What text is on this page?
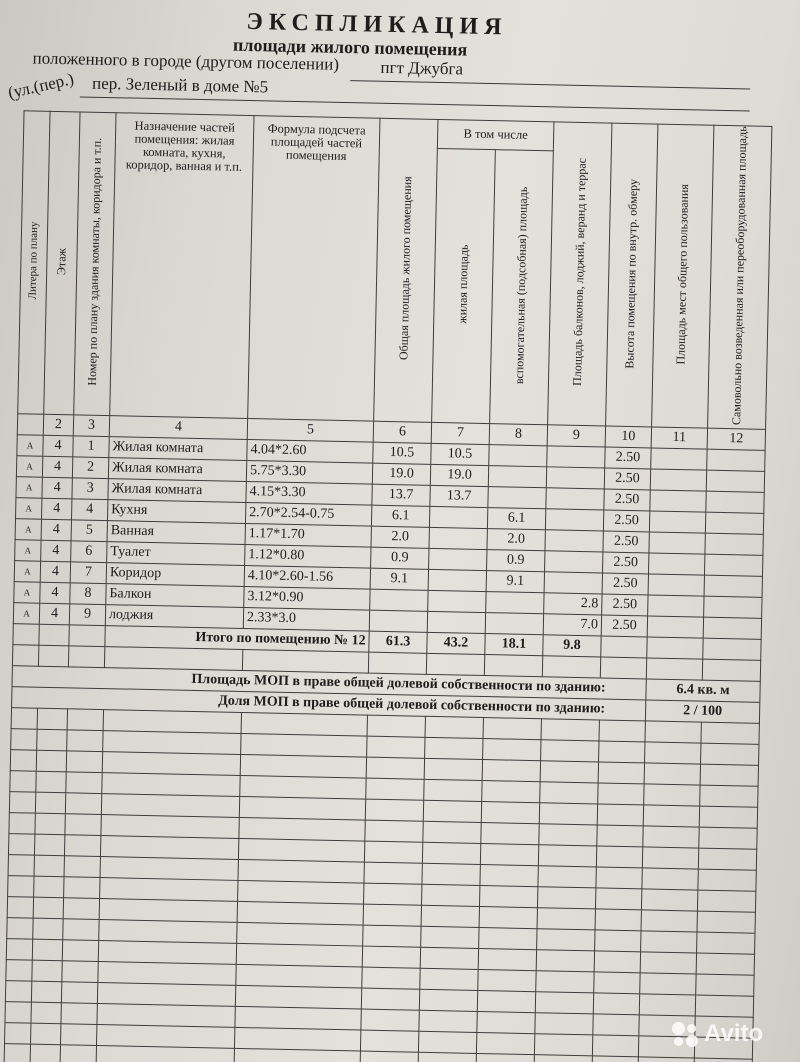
ЭКСПЛИКАЦИЯ
площади жилого помещения
положенного в городе (другом поселении) пгт Джубга
(ул.(пер.) пер. Зеленый в доме №5
Литера по плану	Этаж	Номер по плану здания комнаты, коридора и т.п.	Назначение частей помещения: жилая комната, кухня, коридор, ванная и т.п.	Формула подсчета площадей частей помещения	Общая площадь жилого помещения	В том числе		Площадь балконов, лоджий, веранд и террас	Высота помещения по внутр. обмеру	Площадь мест общего пользования	Самовольно возведенная или переоборудованная площадь
						жилая площадь	вспомогательная (подсобная) площадь				
	2	3	4	5	6	7	8	9	10	11	12
А	4	1	Жилая комната	4.04*2.60	10.5	10.5			2.50		
А	4	2	Жилая комната	5.75*3.30	19.0	19.0			2.50		
А	4	3	Жилая комната	4.15*3.30	13.7	13.7			2.50		
А	4	4	Кухня	2.70*2.54-0.75	6.1		6.1		2.50		
А	4	5	Ванная	1.17*1.70	2.0		2.0		2.50		
А	4	6	Туалет	1.12*0.80	0.9		0.9		2.50		
А	4	7	Коридор	4.10*2.60-1.56	9.1		9.1		2.50		
А	4	8	Балкон	3.12*0.90				2.8	2.50		
А	4	9	лоджия	2.33*3.0				7.0	2.50		
			Итого по помещению № 12		61.3	43.2	18.1	9.8			

Площадь МОП в праве общей долевой собственности по зданию:										6.4 кв. м	
Доля МОП в праве общей долевой собственности по зданию:										2 / 100	

Avito
